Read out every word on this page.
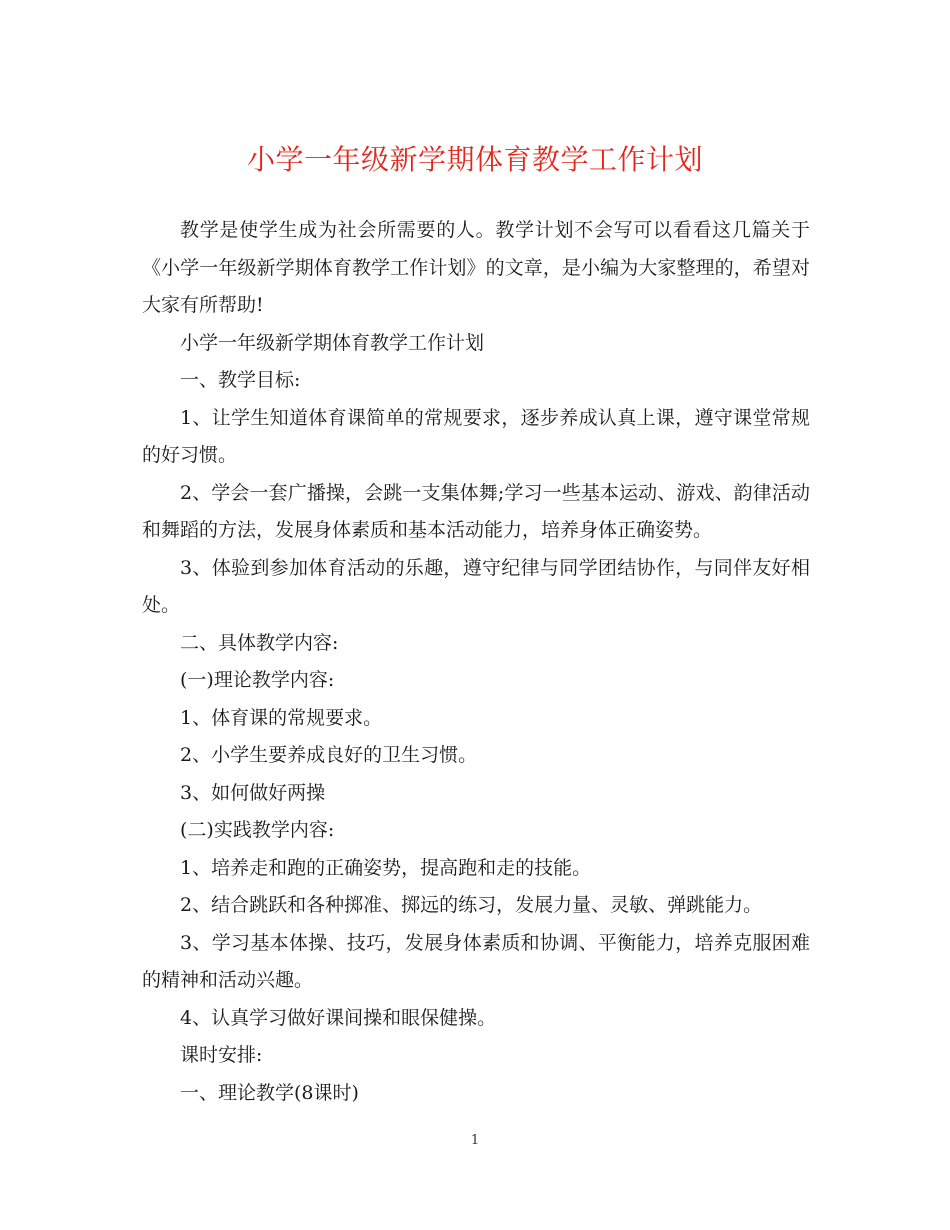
小学一年级新学期体育教学工作计划

教学是使学生成为社会所需要的人。教学计划不会写可以看看这几篇关于《小学一年级新学期体育教学工作计划》的文章，是小编为大家整理的，希望对大家有所帮助!

小学一年级新学期体育教学工作计划

一、教学目标:

1、让学生知道体育课简单的常规要求，逐步养成认真上课，遵守课堂常规的好习惯。

2、学会一套广播操，会跳一支集体舞;学习一些基本运动、游戏、韵律活动和舞蹈的方法，发展身体素质和基本活动能力，培养身体正确姿势。

3、体验到参加体育活动的乐趣，遵守纪律与同学团结协作，与同伴友好相处。

二、具体教学内容:

(一)理论教学内容:

1、体育课的常规要求。

2、小学生要养成良好的卫生习惯。

3、如何做好两操

(二)实践教学内容:

1、培养走和跑的正确姿势，提高跑和走的技能。

2、结合跳跃和各种掷准、掷远的练习，发展力量、灵敏、弹跳能力。

3、学习基本体操、技巧，发展身体素质和协调、平衡能力，培养克服困难的精神和活动兴趣。

4、认真学习做好课间操和眼保健操。

课时安排:

一、理论教学(8课时)

1
